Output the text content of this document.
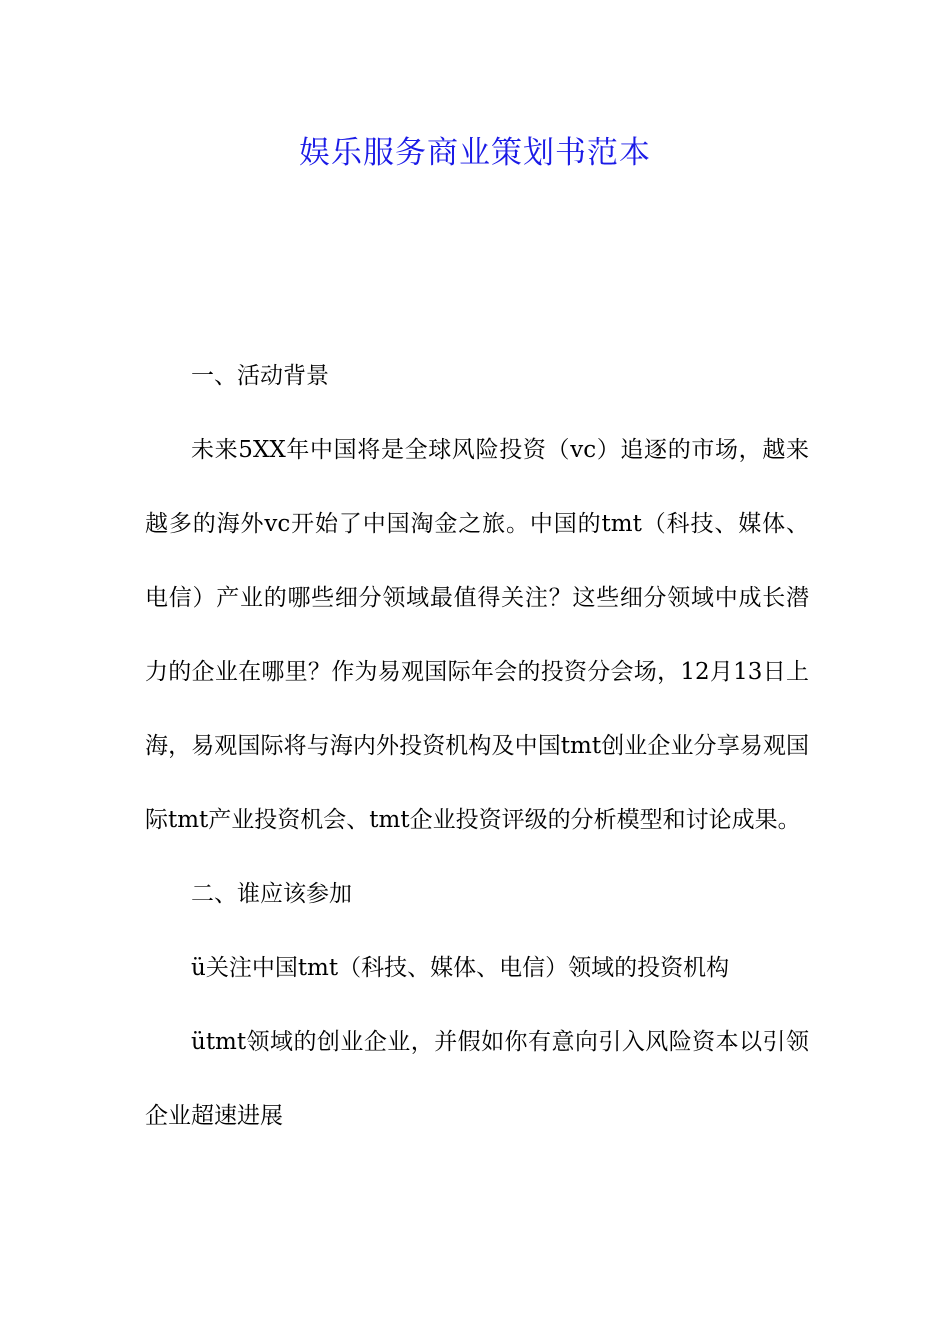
娱乐服务商业策划书范本

一、活动背景

未来5XX年中国将是全球风险投资（vc）追逐的市场，越来越多的海外vc开始了中国淘金之旅。中国的tmt（科技、媒体、电信）产业的哪些细分领域最值得关注？这些细分领域中成长潜力的企业在哪里？作为易观国际年会的投资分会场，12月13日上海，易观国际将与海内外投资机构及中国tmt创业企业分享易观国际tmt产业投资机会、tmt企业投资评级的分析模型和讨论成果。

二、谁应该参加

ü关注中国tmt（科技、媒体、电信）领域的投资机构

ütmt领域的创业企业，并假如你有意向引入风险资本以引领企业超速进展
